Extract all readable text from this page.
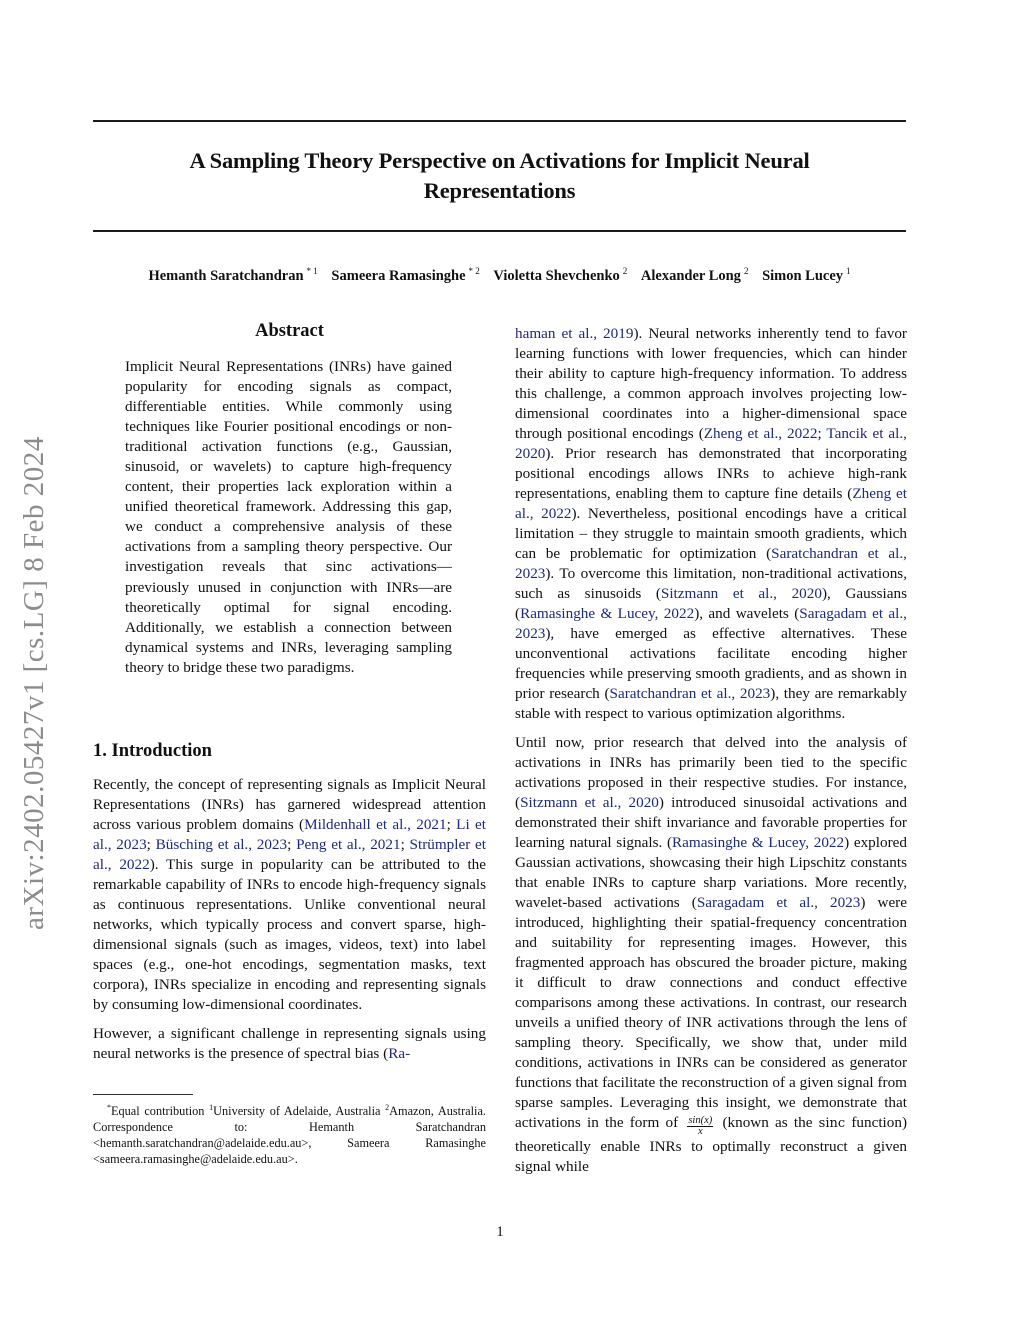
A Sampling Theory Perspective on Activations for Implicit Neural
Representations
Hemanth Saratchandran $^{* 1}$ Sameera Ramasinghe $^{* 2}$ Violetta Shevchenko $^2$ Alexander Long $^2$ Simon Lucey $^1$
arXiv:2402.05427v1 [cs.LG] 8 Feb 2024
Abstract
Implicit Neural Representations (INRs) have gained popularity for encoding signals as compact, differentiable entities. While commonly using techniques like Fourier positional encodings or non-traditional activation functions (e.g., Gaussian, sinusoid, or wavelets) to capture high-frequency content, their properties lack exploration within a unified theoretical framework. Addressing this gap, we conduct a comprehensive analysis of these activations from a sampling theory perspective. Our investigation reveals that sinc activations—previously unused in conjunction with INRs—are theoretically optimal for signal encoding. Additionally, we establish a connection between dynamical systems and INRs, leveraging sampling theory to bridge these two paradigms.
1. Introduction

Recently, the concept of representing signals as Implicit Neural Representations (INRs) has garnered widespread attention across various problem domains (Mildenhall et al., 2021; Li et al., 2023; Büsching et al., 2023; Peng et al., 2021; Strümpler et al., 2022). This surge in popularity can be attributed to the remarkable capability of INRs to encode high-frequency signals as continuous representations. Unlike conventional neural networks, which typically process and convert sparse, high-dimensional signals (such as images, videos, text) into label spaces (e.g., one-hot encodings, segmentation masks, text corpora), INRs specialize in encoding and representing signals by consuming low-dimensional coordinates.

However, a significant challenge in representing signals using neural networks is the presence of spectral bias (Ra-

*Equal contribution $^1$University of Adelaide, Australia $^2$Amazon, Australia. Correspondence to: Hemanth Saratchandran <hemanth.saratchandran@adelaide.edu.au>, Sameera Ramasinghe <sameera.ramasinghe@adelaide.edu.au>.

haman et al., 2019). Neural networks inherently tend to favor learning functions with lower frequencies, which can hinder their ability to capture high-frequency information. To address this challenge, a common approach involves projecting low-dimensional coordinates into a higher-dimensional space through positional encodings (Zheng et al., 2022; Tancik et al., 2020). Prior research has demonstrated that incorporating positional encodings allows INRs to achieve high-rank representations, enabling them to capture fine details (Zheng et al., 2022). Nevertheless, positional encodings have a critical limitation – they struggle to maintain smooth gradients, which can be problematic for optimization (Saratchandran et al., 2023). To overcome this limitation, non-traditional activations, such as sinusoids (Sitzmann et al., 2020), Gaussians (Ramasinghe & Lucey, 2022), and wavelets (Saragadam et al., 2023), have emerged as effective alternatives. These unconventional activations facilitate encoding higher frequencies while preserving smooth gradients, and as shown in prior research (Saratchandran et al., 2023), they are remarkably stable with respect to various optimization algorithms.

Until now, prior research that delved into the analysis of activations in INRs has primarily been tied to the specific activations proposed in their respective studies. For instance, (Sitzmann et al., 2020) introduced sinusoidal activations and demonstrated their shift invariance and favorable properties for learning natural signals. (Ramasinghe & Lucey, 2022) explored Gaussian activations, showcasing their high Lipschitz constants that enable INRs to capture sharp variations. More recently, wavelet-based activations (Saragadam et al., 2023) were introduced, highlighting their spatial-frequency concentration and suitability for representing images. However, this fragmented approach has obscured the broader picture, making it difficult to draw connections and conduct effective comparisons among these activations. In contrast, our research unveils a unified theory of INR activations through the lens of sampling theory. Specifically, we show that, under mild conditions, activations in INRs can be considered as generator functions that facilitate the reconstruction of a given signal from sparse samples. Leveraging this insight, we demonstrate that activations in the form of $\frac{\sin(x)}{x}$ (known as the sinc function) theoretically enable INRs to optimally reconstruct a given signal while

1
